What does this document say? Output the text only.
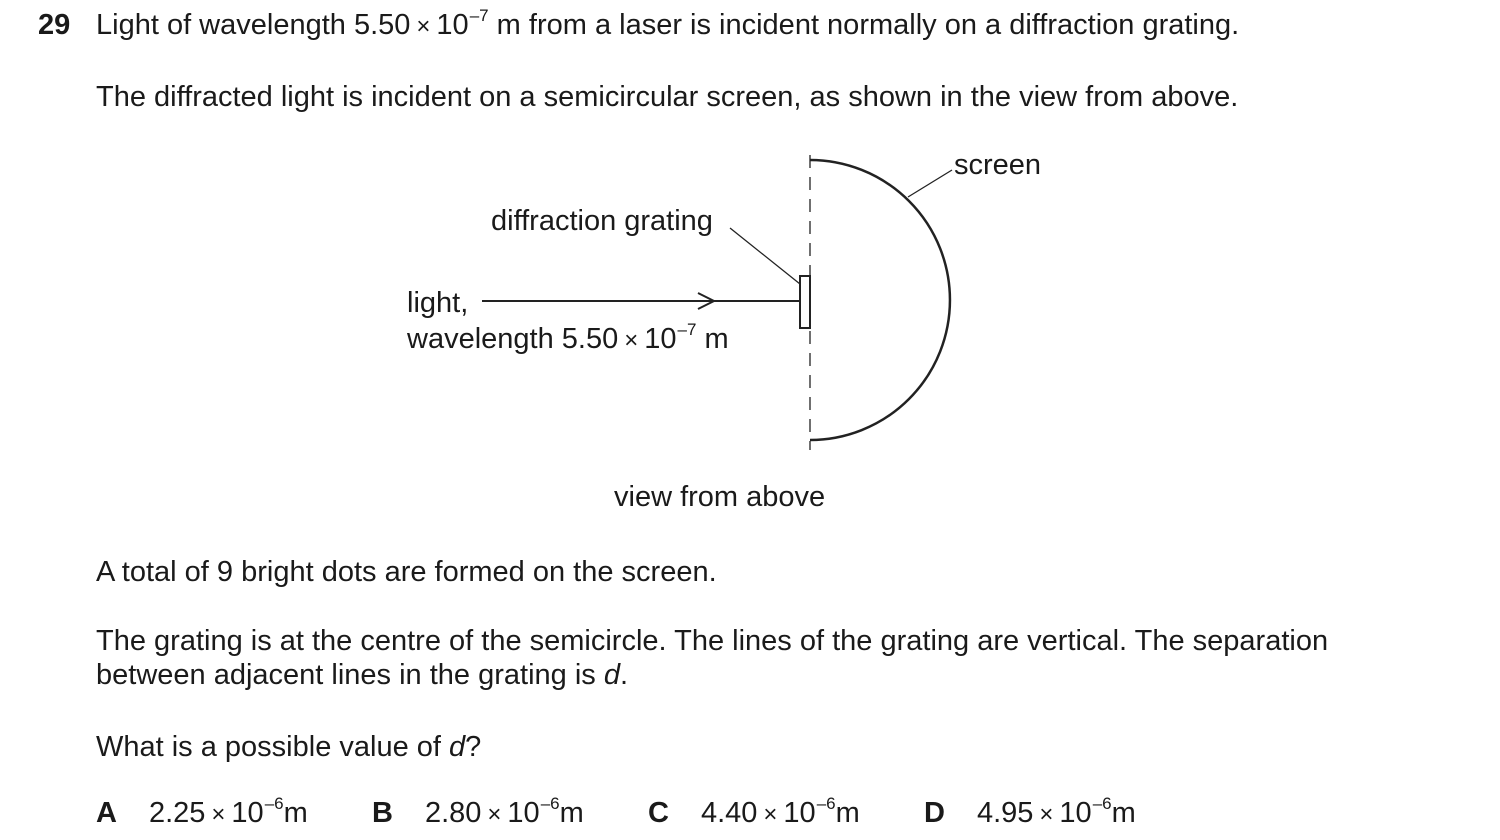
29 Light of wavelength $5.50 \times 10^{-7}$ m from a laser is incident normally on a diffraction grating.
The diffracted light is incident on a semicircular screen, as shown in the view from above.
diffraction grating
screen
light,
wavelength $5.50 \times 10^{-7}$ m
view from above
A total of 9 bright dots are formed on the screen.
The grating is at the centre of the semicircle. The lines of the grating are vertical. The separation between adjacent lines in the grating is d.
What is a possible value of d?
A $2.25 \times 10^{-6}m$ B $2.80 \times 10^{-6}m$ C $4.40 \times 10^{-6}m$ D $4.95 \times 10^{-6}m$
